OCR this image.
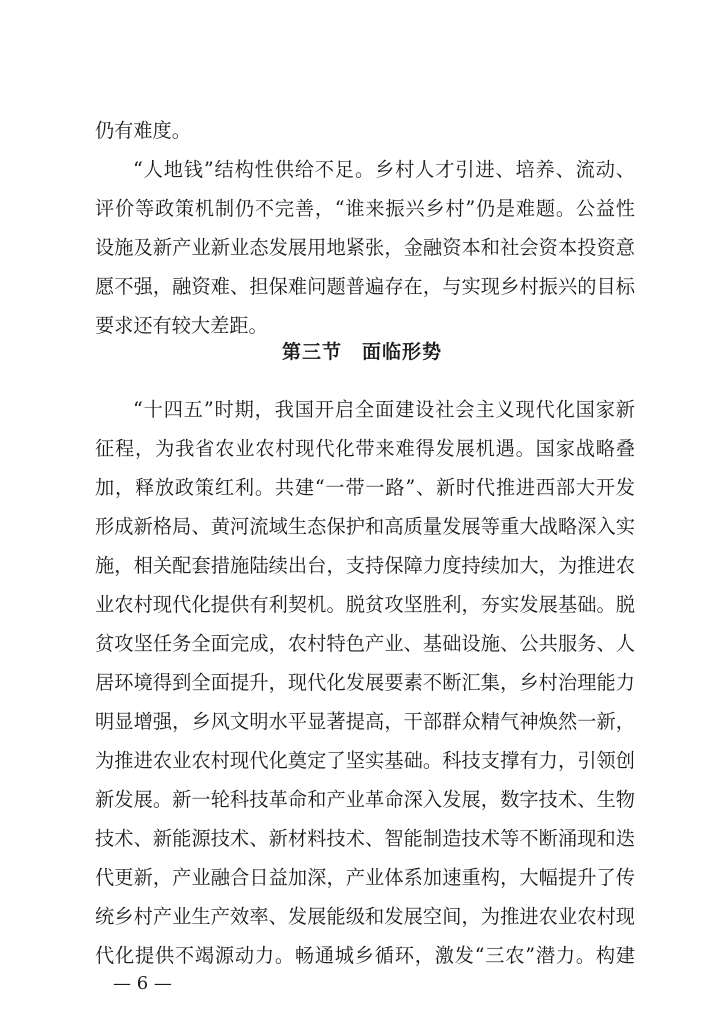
仍有难度。
“人地钱”结构性供给不足。乡村人才引进、培养、流动、
评价等政策机制仍不完善，“谁来振兴乡村”仍是难题。公益性
设施及新产业新业态发展用地紧张，金融资本和社会资本投资意
愿不强，融资难、担保难问题普遍存在，与实现乡村振兴的目标
要求还有较大差距。
第三节　面临形势
“十四五”时期，我国开启全面建设社会主义现代化国家新
征程，为我省农业农村现代化带来难得发展机遇。国家战略叠
加，释放政策红利。共建“一带一路”、新时代推进西部大开发
形成新格局、黄河流域生态保护和高质量发展等重大战略深入实
施，相关配套措施陆续出台，支持保障力度持续加大，为推进农
业农村现代化提供有利契机。脱贫攻坚胜利，夯实发展基础。脱
贫攻坚任务全面完成，农村特色产业、基础设施、公共服务、人
居环境得到全面提升，现代化发展要素不断汇集，乡村治理能力
明显增强，乡风文明水平显著提高，干部群众精气神焕然一新，
为推进农业农村现代化奠定了坚实基础。科技支撑有力，引领创
新发展。新一轮科技革命和产业革命深入发展，数字技术、生物
技术、新能源技术、新材料技术、智能制造技术等不断涌现和迭
代更新，产业融合日益加深，产业体系加速重构，大幅提升了传
统乡村产业生产效率、发展能级和发展空间，为推进农业农村现
代化提供不竭源动力。畅通城乡循环，激发“三农”潜力。构建
— 6 —
